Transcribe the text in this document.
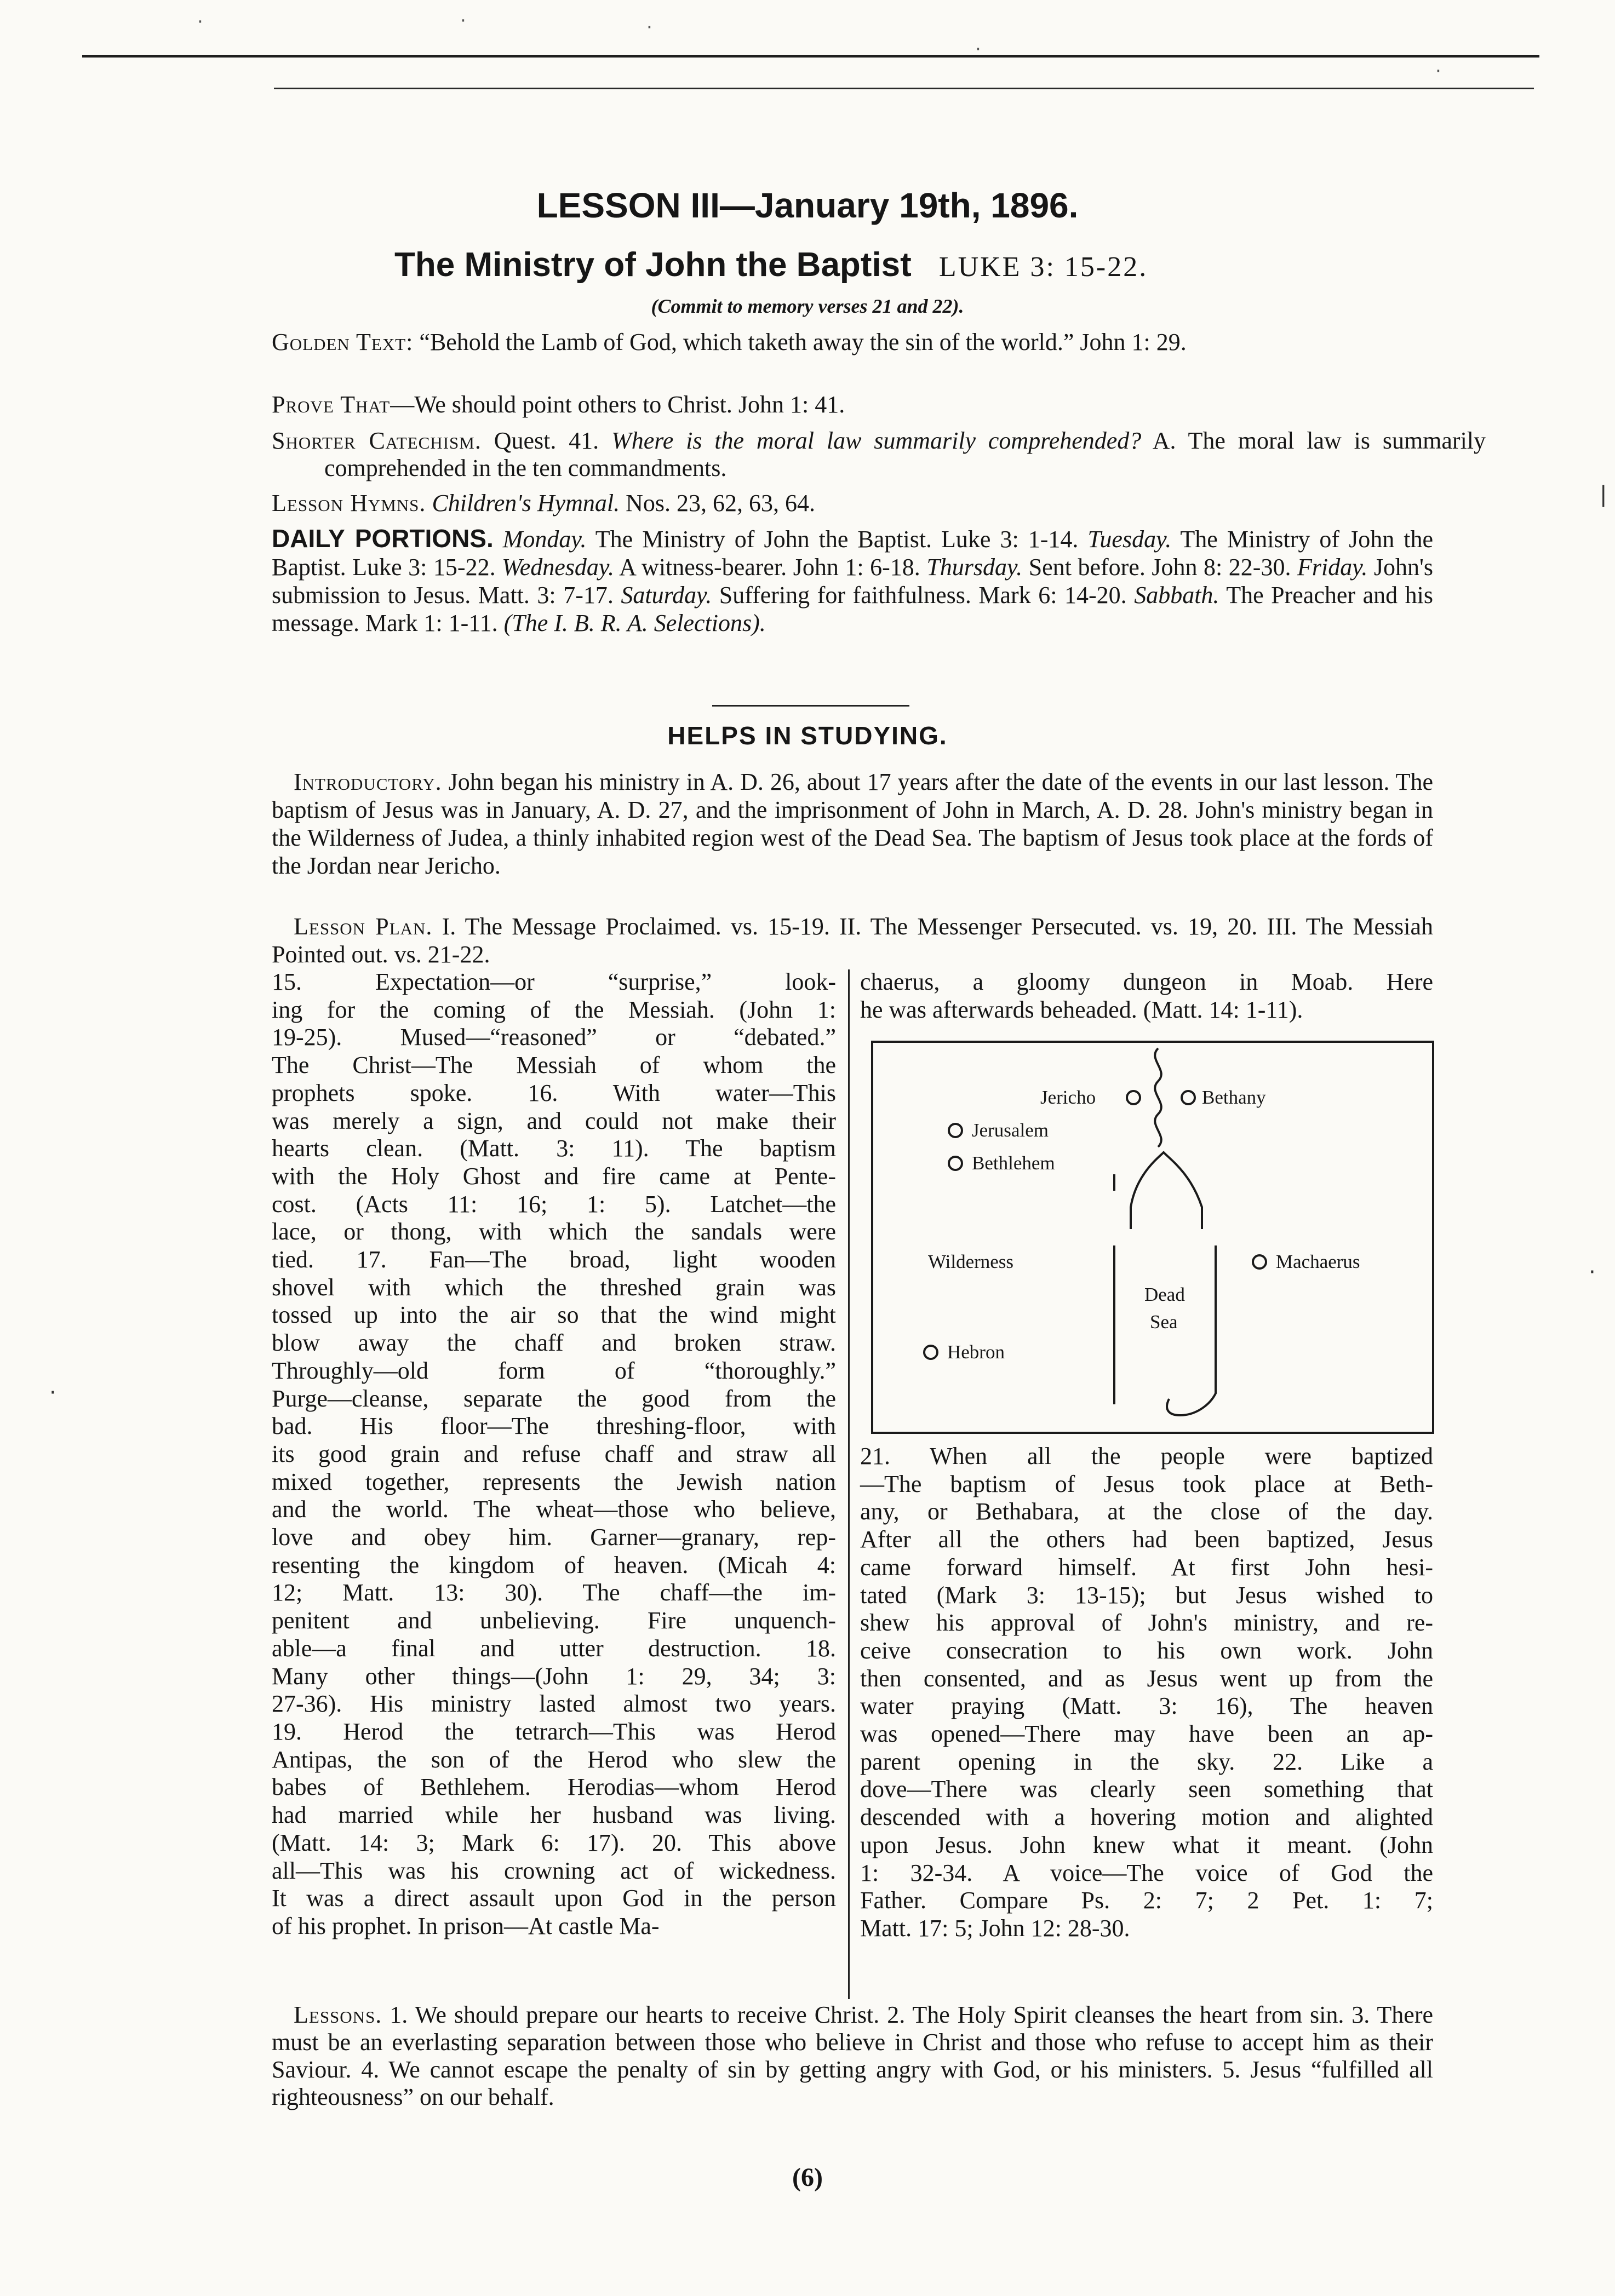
·	·	·
·
·
|
·
·
LESSON III—January 19th, 1896.
The Ministry of John the Baptist LUKE 3: 15-22.
(Commit to memory verses 21 and 22).
Golden Text: “Behold the Lamb of God, which taketh away the sin of the world.” John 1: 29.
Prove That—We should point others to Christ. John 1: 41.
Shorter Catechism. Quest. 41. Where is the moral law summarily comprehended? A. The moral law is summarily comprehended in the ten commandments.
Lesson Hymns. Children's Hymnal. Nos. 23, 62, 63, 64.
DAILY PORTIONS. Monday. The Ministry of John the Baptist. Luke 3: 1-14. Tuesday. The Ministry of John the Baptist. Luke 3: 15-22. Wednesday. A witness-bearer. John 1: 6-18. Thursday. Sent before. John 8: 22-30. Friday. John's submission to Jesus. Matt. 3: 7-17. Saturday. Suffering for faithfulness. Mark 6: 14-20. Sabbath. The Preacher and his message. Mark 1: 1-11. (The I. B. R. A. Selections).
HELPS IN STUDYING.
Introductory. John began his ministry in A. D. 26, about 17 years after the date of the events in our last lesson. The baptism of Jesus was in January, A. D. 27, and the imprisonment of John in March, A. D. 28. John's ministry began in the Wilderness of Judea, a thinly inhabited region west of the Dead Sea. The baptism of Jesus took place at the fords of the Jordan near Jericho.
Lesson Plan. I. The Message Proclaimed. vs. 15-19. II. The Messenger Persecuted. vs. 19, 20. III. The Messiah Pointed out. vs. 21-22.
15. Expectation—or “surprise,” look-
ing for the coming of the Messiah. (John 1:
19-25). Mused—“reasoned” or “debated.”
The Christ—The Messiah of whom the
prophets spoke. 16. With water—This
was merely a sign, and could not make their
hearts clean. (Matt. 3: 11). The baptism
with the Holy Ghost and fire came at Pente-
cost. (Acts 11: 16; 1: 5). Latchet—the
lace, or thong, with which the sandals were
tied. 17. Fan—The broad, light wooden
shovel with which the threshed grain was
tossed up into the air so that the wind might
blow away the chaff and broken straw.
Throughly—old form of “thoroughly.”
Purge—cleanse, separate the good from the
bad. His floor—The threshing-floor, with
its good grain and refuse chaff and straw all
mixed together, represents the Jewish nation
and the world. The wheat—those who believe,
love and obey him. Garner—granary, rep-
resenting the kingdom of heaven. (Micah 4:
12; Matt. 13: 30). The chaff—the im-
penitent and unbelieving. Fire unquench-
able—a final and utter destruction. 18.
Many other things—(John 1: 29, 34; 3:
27-36). His ministry lasted almost two years.
19. Herod the tetrarch—This was Herod
Antipas, the son of the Herod who slew the
babes of Bethlehem. Herodias—whom Herod
had married while her husband was living.
(Matt. 14: 3; Mark 6: 17). 20. This above
all—This was his crowning act of wickedness.
It was a direct assault upon God in the person
of his prophet. In prison—At castle Ma-
chaerus, a gloomy dungeon in Moab. Here
he was afterwards beheaded. (Matt. 14: 1-11).
Jericho	Bethany
Jerusalem
Bethlehem
Wilderness	Machaerus
Dead
Sea
Hebron
21. When all the people were baptized
—The baptism of Jesus took place at Beth-
any, or Bethabara, at the close of the day.
After all the others had been baptized, Jesus
came forward himself. At first John hesi-
tated (Mark 3: 13-15); but Jesus wished to
shew his approval of John's ministry, and re-
ceive consecration to his own work. John
then consented, and as Jesus went up from the
water praying (Matt. 3: 16), The heaven
was opened—There may have been an ap-
parent opening in the sky. 22. Like a
dove—There was clearly seen something that
descended with a hovering motion and alighted
upon Jesus. John knew what it meant. (John
1: 32-34. A voice—The voice of God the
Father. Compare Ps. 2: 7; 2 Pet. 1: 7;
Matt. 17: 5; John 12: 28-30.
Lessons. 1. We should prepare our hearts to receive Christ. 2. The Holy Spirit cleanses the heart from sin. 3. There must be an everlasting separation between those who believe in Christ and those who refuse to accept him as their Saviour. 4. We cannot escape the penalty of sin by getting angry with God, or his ministers. 5. Jesus “fulfilled all righteousness” on our behalf.
(6)
